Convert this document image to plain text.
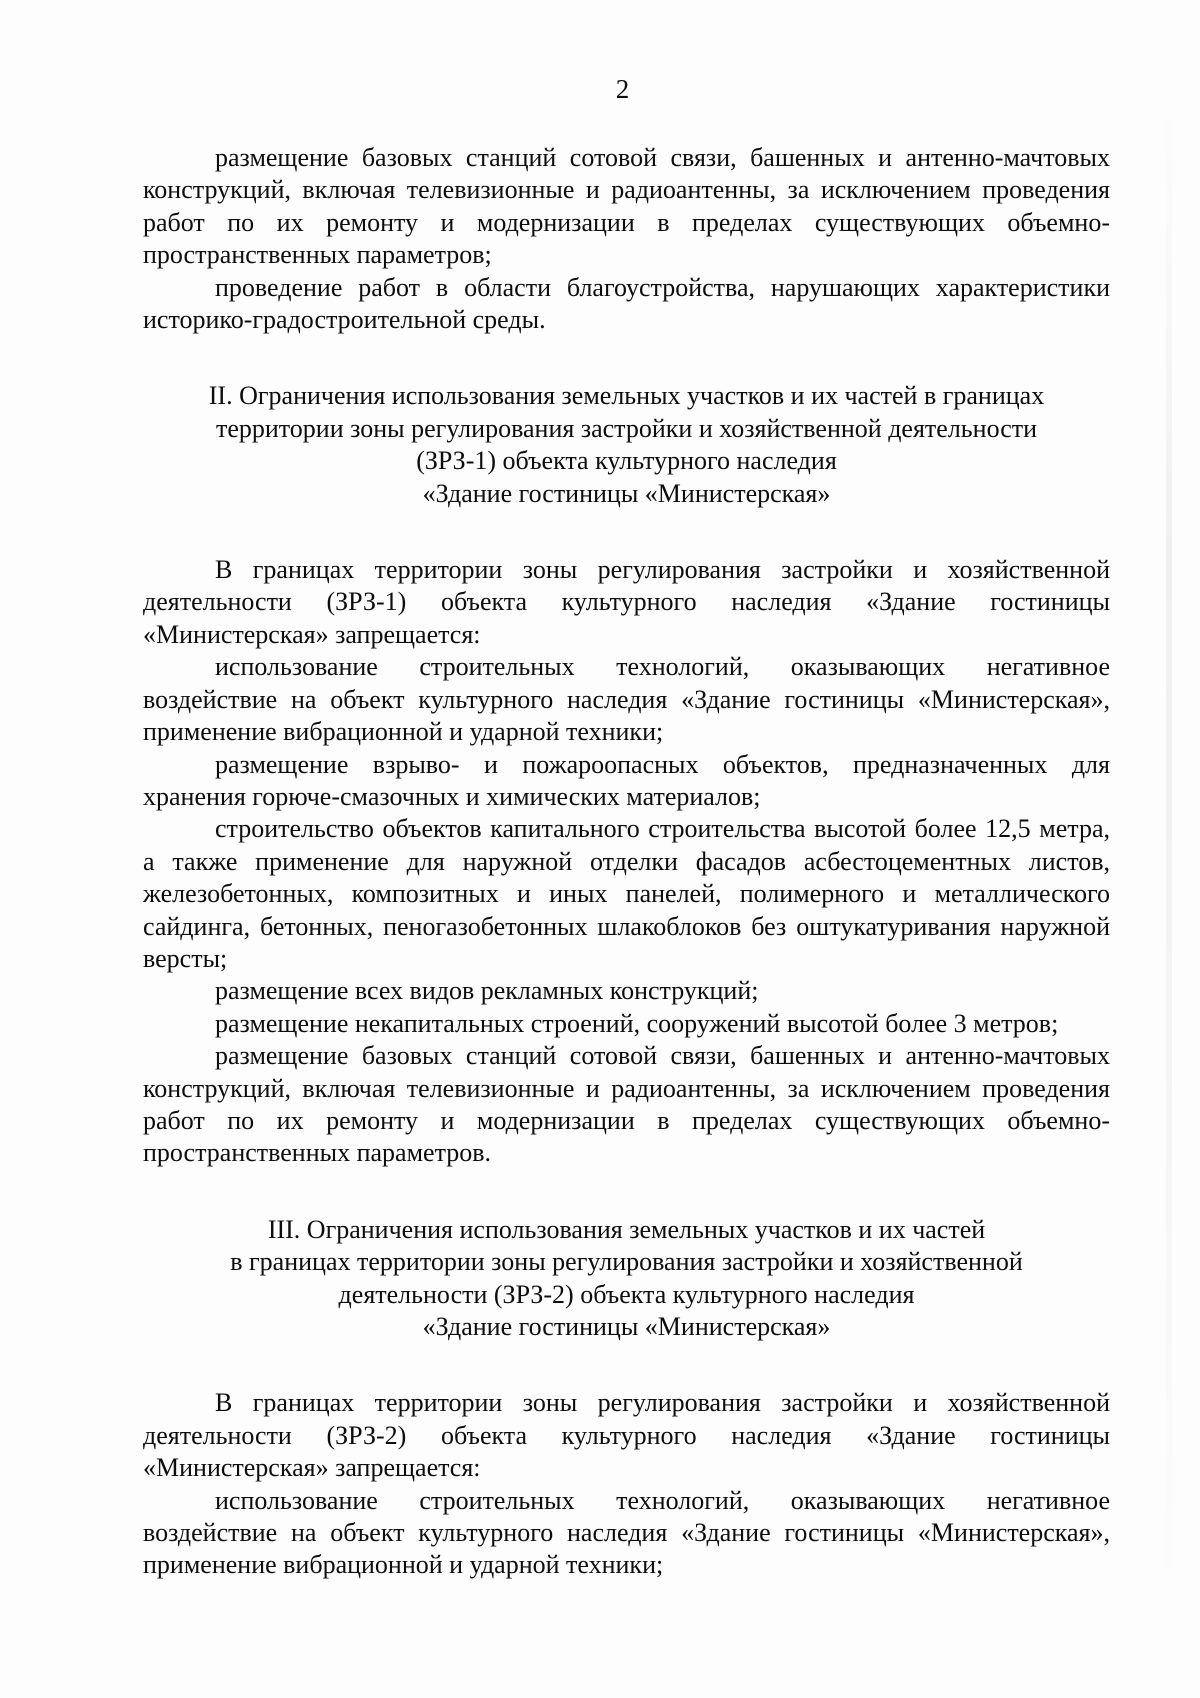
2

размещение базовых станций сотовой связи, башенных и антенно-мачтовых конструкций, включая телевизионные и радиоантенны, за исключением проведения работ по их ремонту и модернизации в пределах существующих объемно-пространственных параметров;

проведение работ в области благоустройства, нарушающих характеристики историко-градостроительной среды.

II. Ограничения использования земельных участков и их частей в границах
территории зоны регулирования застройки и хозяйственной деятельности
(ЗРЗ-1) объекта культурного наследия
«Здание гостиницы «Министерская»

В границах территории зоны регулирования застройки и хозяйственной деятельности (ЗРЗ-1) объекта культурного наследия «Здание гостиницы «Министерская» запрещается:

использование строительных технологий, оказывающих негативное воздействие на объект культурного наследия «Здание гостиницы «Министерская», применение вибрационной и ударной техники;

размещение взрыво- и пожароопасных объектов, предназначенных для хранения горюче-смазочных и химических материалов;

строительство объектов капитального строительства высотой более 12,5 метра, а также применение для наружной отделки фасадов асбестоцементных листов, железобетонных, композитных и иных панелей, полимерного и металлического сайдинга, бетонных, пеногазобетонных шлакоблоков без оштукатуривания наружной версты;

размещение всех видов рекламных конструкций;

размещение некапитальных строений, сооружений высотой более 3 метров;

размещение базовых станций сотовой связи, башенных и антенно-мачтовых конструкций, включая телевизионные и радиоантенны, за исключением проведения работ по их ремонту и модернизации в пределах существующих объемно-пространственных параметров.

III. Ограничения использования земельных участков и их частей
в границах территории зоны регулирования застройки и хозяйственной
деятельности (ЗРЗ-2) объекта культурного наследия
«Здание гостиницы «Министерская»

В границах территории зоны регулирования застройки и хозяйственной деятельности (ЗРЗ-2) объекта культурного наследия «Здание гостиницы «Министерская» запрещается:

использование строительных технологий, оказывающих негативное воздействие на объект культурного наследия «Здание гостиницы «Министерская», применение вибрационной и ударной техники;
